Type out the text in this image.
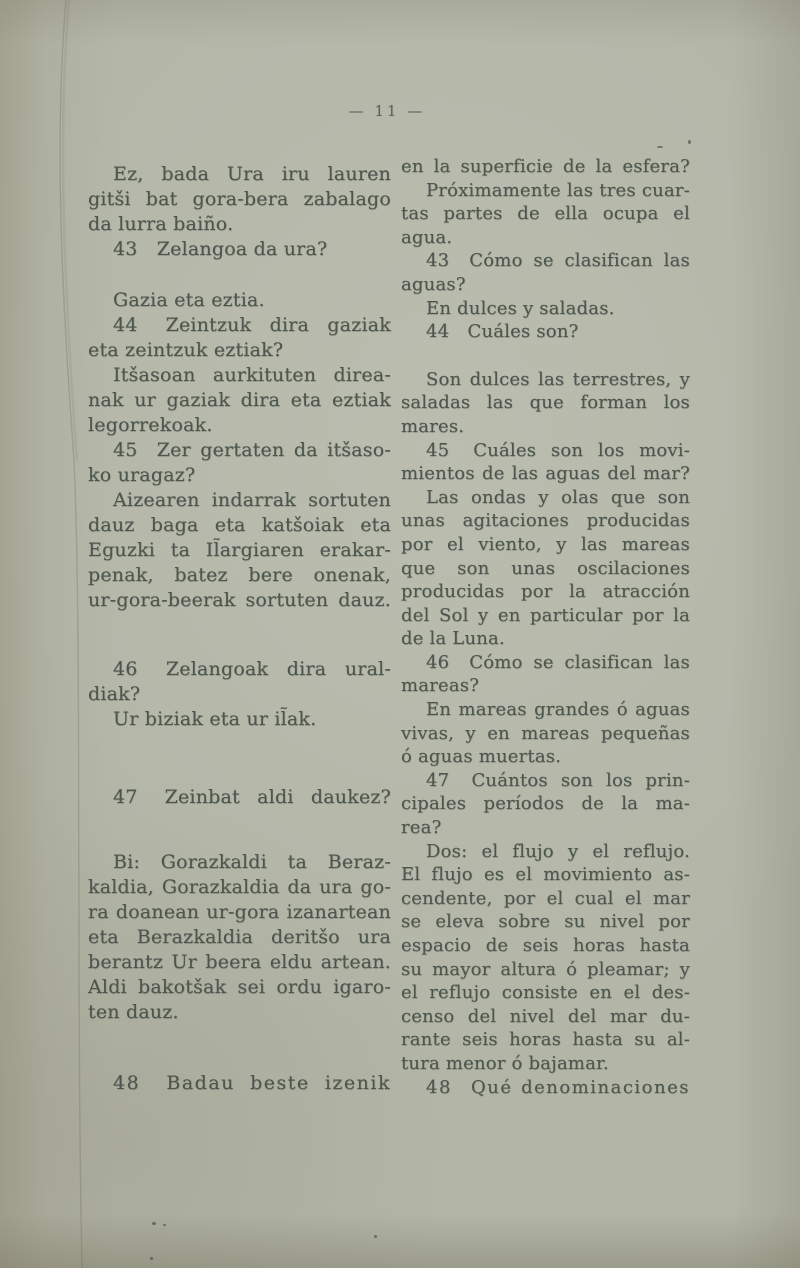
— 11 —
Ez, bada Ura iru lauren
gitši bat gora-bera zabalago
da lurra baiño.
43 Zelangoa da ura?
Gazia eta eztia.
44  Zeintzuk dira gaziak
eta zeintzuk eztiak?
Itšasoan aurkituten direa-
nak ur gaziak dira eta eztiak
legorrekoak.
45  Zer gertaten da itšaso-
ko uragaz?
Aizearen indarrak sortuten
dauz baga eta katšoiak eta
Eguzki ta Il̃argiaren erakar-
penak, batez bere onenak,
ur-gora-beerak sortuten dauz.
46  Zelangoak dira ural-
diak?
Ur biziak eta ur il̃ak.
47  Zeinbat aldi daukez?
Bi: Gorazkaldi ta Beraz-
kaldia, Gorazkaldia da ura go-
ra doanean ur-gora izanartean
eta Berazkaldia deritšo ura
berantz Ur beera eldu artean.
Aldi bakotšak sei ordu igaro-
ten dauz.
48  Badau beste izenik
en la superficie de la esfera?
Próximamente las tres cuar-
tas partes de ella ocupa el
agua.
43  Cómo se clasifican las
aguas?
En dulces y saladas.
44 Cuáles son?
Son dulces las terrestres, y
saladas las que forman los
mares.
45  Cuáles son los movi-
mientos de las aguas del mar?
Las ondas y olas que son
unas agitaciones producidas
por el viento, y las mareas
que son unas oscilaciones
producidas por la atracción
del Sol y en particular por la
de la Luna.
46  Cómo se clasifican las
mareas?
En mareas grandes ó aguas
vivas, y en mareas pequeñas
ó aguas muertas.
47  Cuántos son los prin-
cipales períodos de la ma-
rea?
Dos: el flujo y el reflujo.
El flujo es el movimiento as-
cendente, por el cual el mar
se eleva sobre su nivel por
espacio de seis horas hasta
su mayor altura ó pleamar; y
el reflujo consiste en el des-
censo del nivel del mar du-
rante seis horas hasta su al-
tura menor ó bajamar.
48  Qué denominaciones
